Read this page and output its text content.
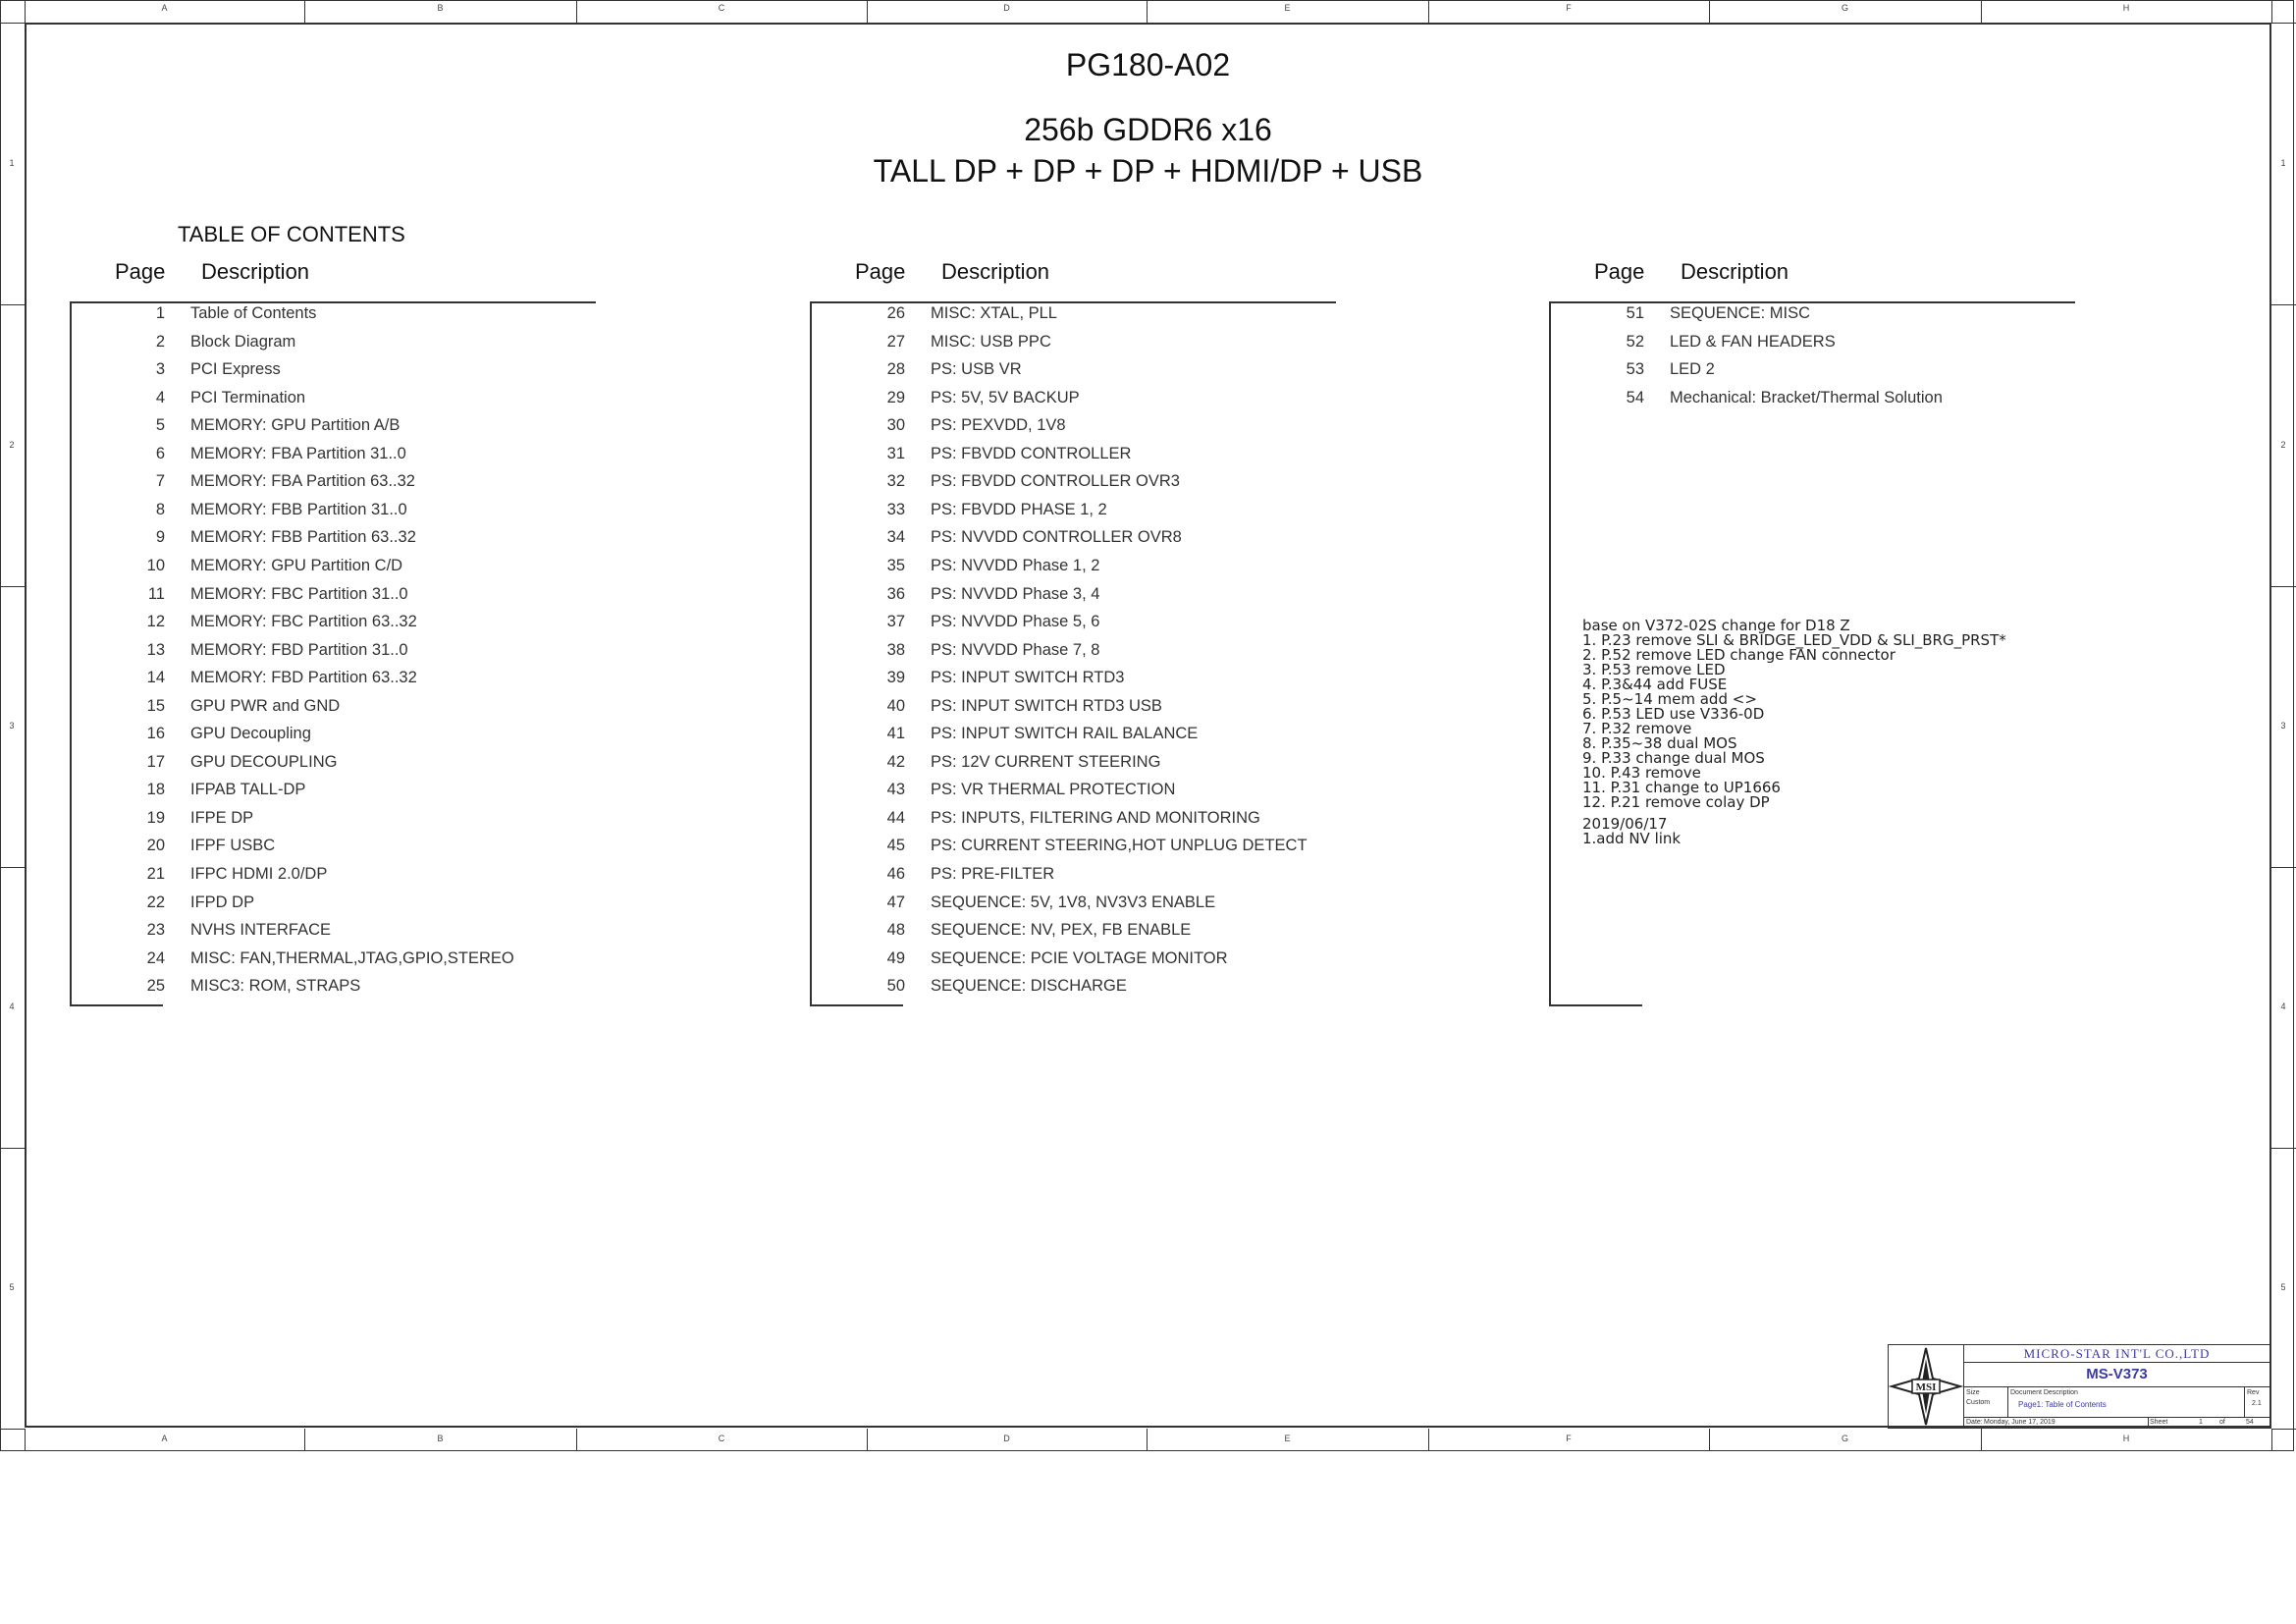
A	B	C	D	E	F	G	H
A	B	C	D	E	F	G	H
1
2
3
4
5
1
2
3
4
5
PG180-A02
256b GDDR6 x16
TALL DP + DP + DP + HDMI/DP + USB
TABLE OF CONTENTS
Page Description
1 Table of Contents
2 Block Diagram
3 PCI Express
4 PCI Termination
5 MEMORY: GPU Partition A/B
6 MEMORY: FBA Partition 31..0
7 MEMORY: FBA Partition 63..32
8 MEMORY: FBB Partition 31..0
9 MEMORY: FBB Partition 63..32
10 MEMORY: GPU Partition C/D
11 MEMORY: FBC Partition 31..0
12 MEMORY: FBC Partition 63..32
13 MEMORY: FBD Partition 31..0
14 MEMORY: FBD Partition 63..32
15 GPU PWR and GND
16 GPU Decoupling
17 GPU DECOUPLING
18 IFPAB TALL-DP
19 IFPE DP
20 IFPF USBC
21 IFPC HDMI 2.0/DP
22 IFPD DP
23 NVHS INTERFACE
24 MISC: FAN,THERMAL,JTAG,GPIO,STEREO
25 MISC3: ROM, STRAPS
Page Description
26 MISC: XTAL, PLL
27 MISC: USB PPC
28 PS: USB VR
29 PS: 5V, 5V BACKUP
30 PS: PEXVDD, 1V8
31 PS: FBVDD CONTROLLER
32 PS: FBVDD CONTROLLER OVR3
33 PS: FBVDD PHASE 1, 2
34 PS: NVVDD CONTROLLER OVR8
35 PS: NVVDD Phase 1, 2
36 PS: NVVDD Phase 3, 4
37 PS: NVVDD Phase 5, 6
38 PS: NVVDD Phase 7, 8
39 PS: INPUT SWITCH RTD3
40 PS: INPUT SWITCH RTD3 USB
41 PS: INPUT SWITCH RAIL BALANCE
42 PS: 12V CURRENT STEERING
43 PS: VR THERMAL PROTECTION
44 PS: INPUTS, FILTERING AND MONITORING
45 PS: CURRENT STEERING,HOT UNPLUG DETECT
46 PS: PRE-FILTER
47 SEQUENCE: 5V, 1V8, NV3V3 ENABLE
48 SEQUENCE: NV, PEX, FB ENABLE
49 SEQUENCE: PCIE VOLTAGE MONITOR
50 SEQUENCE: DISCHARGE
Page Description
51 SEQUENCE: MISC
52 LED & FAN HEADERS
53 LED 2
54 Mechanical: Bracket/Thermal Solution
base on V372-02S change for D18 Z
1. P.23 remove SLI & BRIDGE_LED_VDD & SLI_BRG_PRST*
2. P.52 remove LED change FAN connector
3. P.53 remove LED
4. P.3&44 add FUSE
5. P.5~14 mem add <>
6. P.53 LED use V336-0D
7. P.32 remove
8. P.35~38 dual MOS
9. P.33 change dual MOS
10. P.43 remove
11. P.31 change to UP1666
12. P.21 remove colay DP
2019/06/17
1.add NV link
MSI
MICRO-STAR INT'L CO.,LTD
MS-V373
Size
Custom
Document Description
Page1: Table of Contents
Rev
2.1
Date: Monday, June 17, 2019	Sheet	1 of	54
